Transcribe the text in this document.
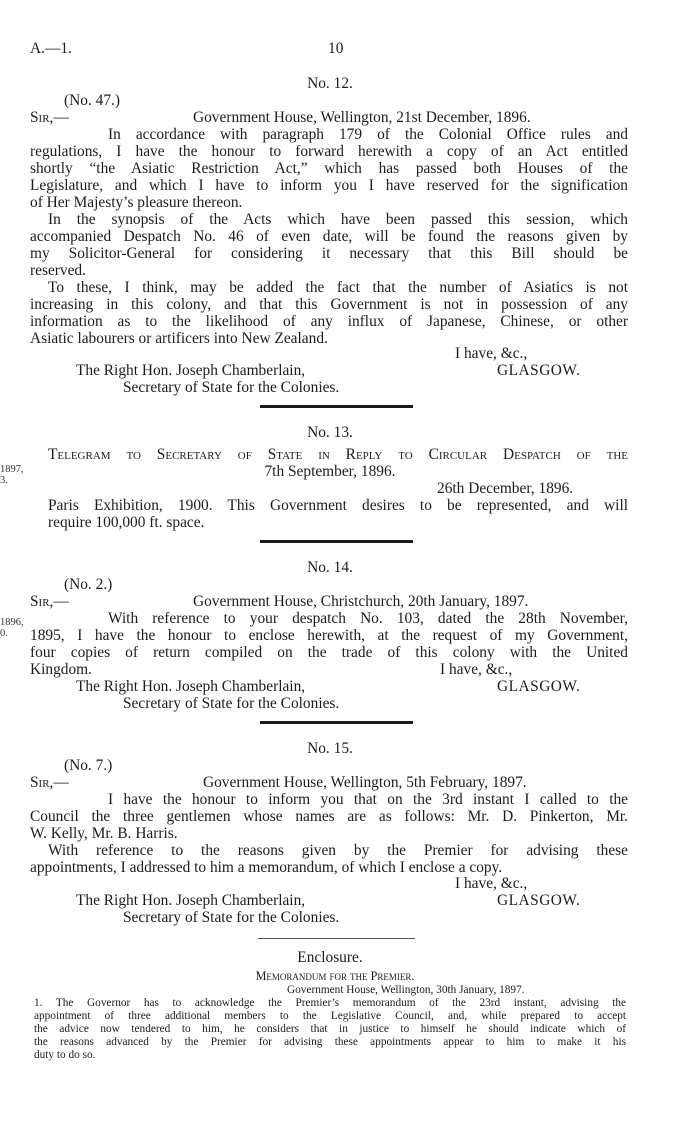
A.—1.	10
1897,
3.
1896,
0.
No. 12.
(No. 47.)
Sir,—	Government House, Wellington, 21st December, 1896.
In accordance with paragraph 179 of the Colonial Office rules and
regulations, I have the honour to forward herewith a copy of an Act entitled
shortly “the Asiatic Restriction Act,” which has passed both Houses of the
Legislature, and which I have to inform you I have reserved for the signification
of Her Majesty’s pleasure thereon.
In the synopsis of the Acts which have been passed this session, which
accompanied Despatch No. 46 of even date, will be found the reasons given by
my Solicitor-General for considering it necessary that this Bill should be
reserved.
To these, I think, may be added the fact that the number of Asiatics is not
increasing in this colony, and that this Government is not in possession of any
information as to the likelihood of any influx of Japanese, Chinese, or other
Asiatic labourers or artificers into New Zealand.
I have, &c.,
The Right Hon. Joseph Chamberlain,	GLASGOW.
Secretary of State for the Colonies.
No. 13.
Telegram to Secretary of State in Reply to Circular Despatch of the
7th September, 1896.
26th December, 1896.
Paris Exhibition, 1900. This Government desires to be represented, and will
require 100,000 ft. space.
No. 14.
(No. 2.)
Sir,—	Government House, Christchurch, 20th January, 1897.
With reference to your despatch No. 103, dated the 28th November,
1895, I have the honour to enclose herewith, at the request of my Government,
four copies of return compiled on the trade of this colony with the United
Kingdom.	I have, &c.,
The Right Hon. Joseph Chamberlain,	GLASGOW.
Secretary of State for the Colonies.
No. 15.
(No. 7.)
Sir,—	Government House, Wellington, 5th February, 1897.
I have the honour to inform you that on the 3rd instant I called to the
Council the three gentlemen whose names are as follows: Mr. D. Pinkerton, Mr.
W. Kelly, Mr. B. Harris.
With reference to the reasons given by the Premier for advising these
appointments, I addressed to him a memorandum, of which I enclose a copy.
I have, &c.,
The Right Hon. Joseph Chamberlain,	GLASGOW.
Secretary of State for the Colonies.
Enclosure.
Memorandum for the Premier.
Government House, Wellington, 30th January, 1897.
1. The Governor has to acknowledge the Premier’s memorandum of the 23rd instant, advising the
appointment of three additional members to the Legislative Council, and, while prepared to accept
the advice now tendered to him, he considers that in justice to himself he should indicate which of
the reasons advanced by the Premier for advising these appointments appear to him to make it his
duty to do so.
